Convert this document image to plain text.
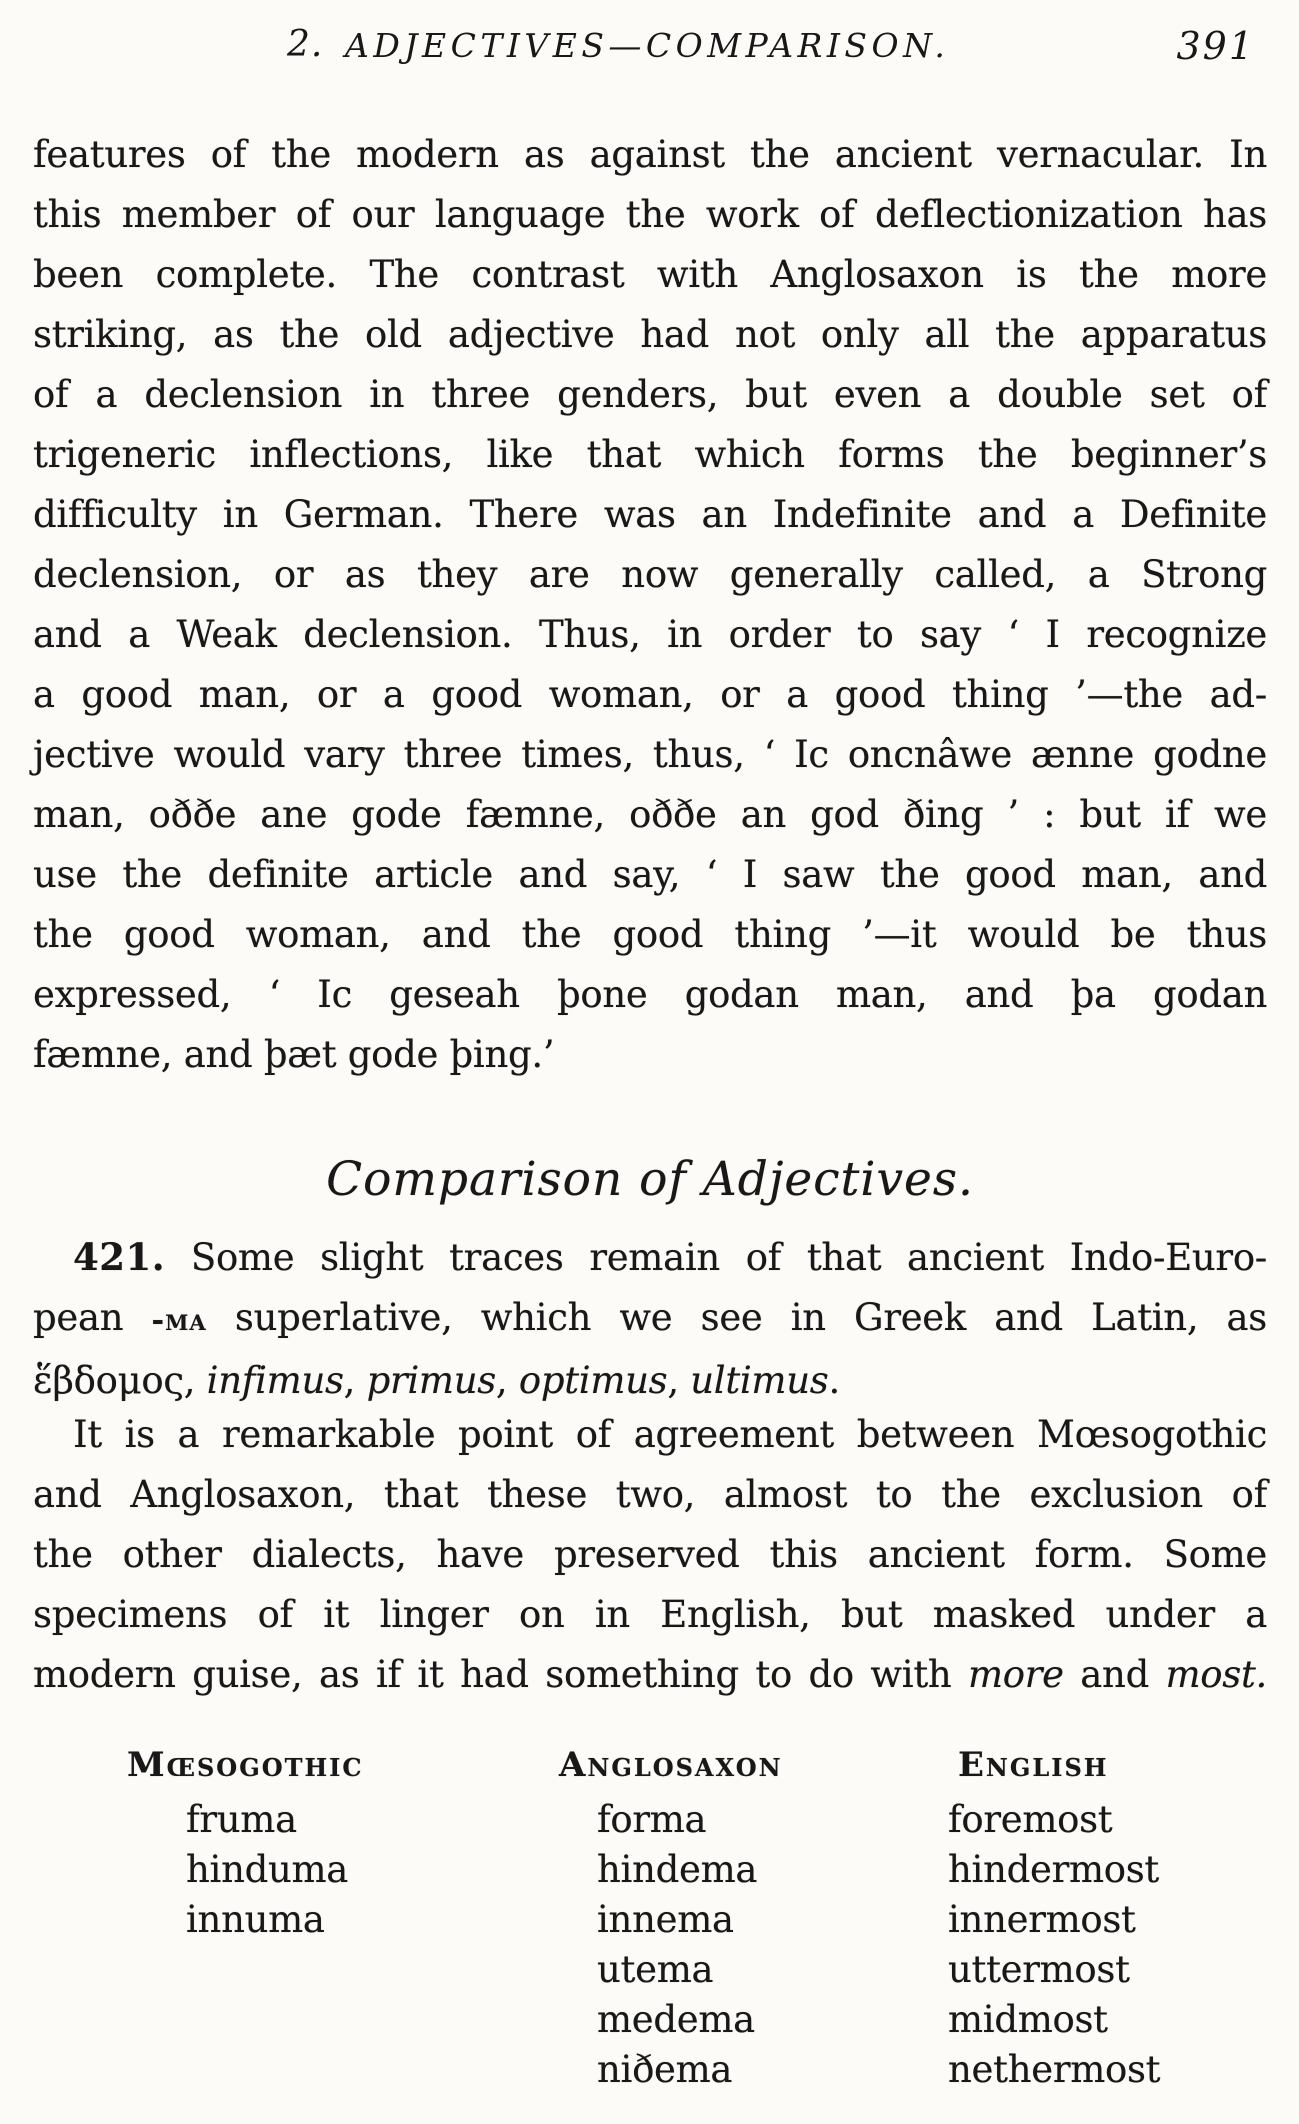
2. ADJECTIVES—COMPARISON.	391
features of the modern as against the ancient vernacular. In
this member of our language the work of deflectionization has
been complete. The contrast with Anglosaxon is the more
striking, as the old adjective had not only all the apparatus
of a declension in three genders, but even a double set of
trigeneric inflections, like that which forms the beginner’s
difficulty in German. There was an Indefinite and a Definite
declension, or as they are now generally called, a Strong
and a Weak declension. Thus, in order to say ‘ I recognize
a good man, or a good woman, or a good thing ’—the ad-
jective would vary three times, thus, ‘ Ic oncnâwe ænne godne
man, oððe ane gode fæmne, oððe an god ðing ’ : but if we
use the definite article and say, ‘ I saw the good man, and
the good woman, and the good thing ’—it would be thus
expressed, ‘ Ic geseah þone godan man, and þa godan
fæmne, and þæt gode þing.’
Comparison of Adjectives.
421. Some slight traces remain of that ancient Indo-Euro-
pean -ma superlative, which we see in Greek and Latin, as
ἕβδομος, infimus, primus, optimus, ultimus.
It is a remarkable point of agreement between Mœsogothic
and Anglosaxon, that these two, almost to the exclusion of
the other dialects, have preserved this ancient form. Some
specimens of it linger on in English, but masked under a
modern guise, as if it had something to do with more and most.
Mœsogothic
fruma
hinduma
innuma
Anglosaxon
forma
hindema
innema
utema
medema
niðema
English
foremost
hindermost
innermost
uttermost
midmost
nethermost
